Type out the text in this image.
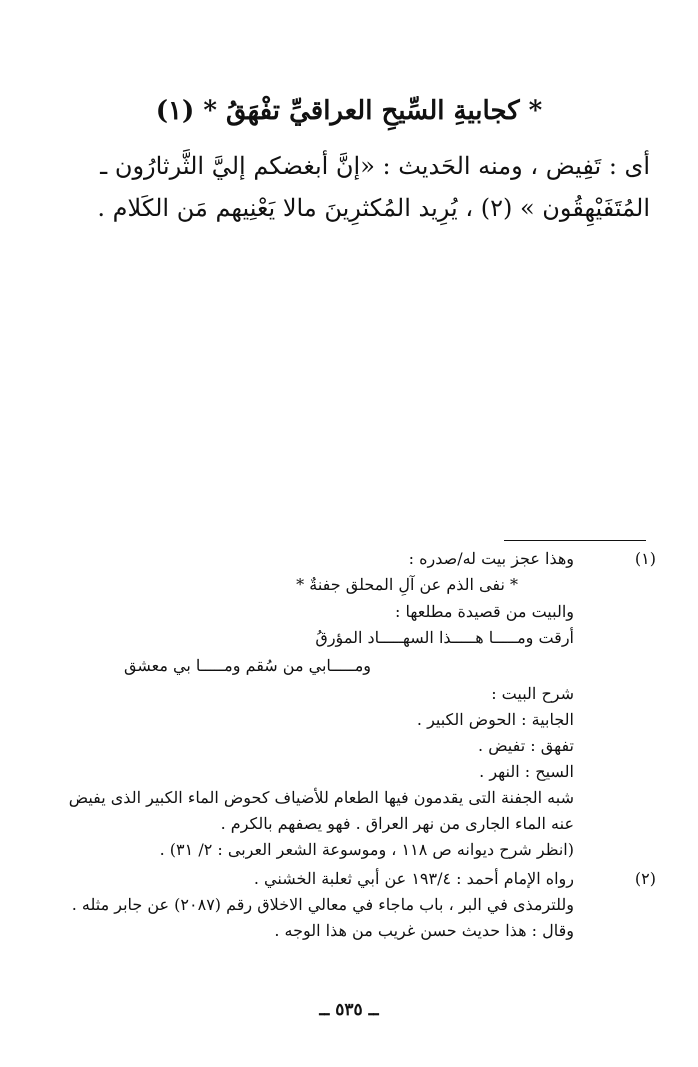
* كجابيةِ السِّيحِ العراقيِّ تفْهَقُ * (١)

أى : تَفِيض ، ومنه الحَديث : «إنَّ أبغضكم إليَّ الثَّرثارُون ـ

المُتَفَيْهِقُون » (٢) ، يُرِيد المُكثرِينَ مالا يَعْنِيهم مَن الكَلام .

(١)

وهذا عجز بيت له/صدره :

* نفى الذم عن آلِ المحلق جفنةٌ *

والبيت من قصيدة مطلعها :

أرقت ومـــــا هـــــذا السهـــــاد المؤرقُ

ومـــــابي من سُقم ومـــــا بي معشق

شرح البيت :

الجابية : الحوض الكبير .

تفهق : تفيض .

السيح : النهر .

شبه الجفنة التى يقدمون فيها الطعام للأضياف كحوض الماء الكبير الذى يفيض

عنه الماء الجارى من نهر العراق . فهو يصفهم بالكرم .

(انظر شرح ديوانه ص ١١٨ ، وموسوعة الشعر العربى : ٢/ ٣١) .

(٢)

رواه الإمام أحمد : ١٩٣/٤ عن أبي ثعلبة الخشني .

وللترمذى في البر ، باب ماجاء في معالي الاخلاق رقم (٢٠٨٧) عن جابر مثله .

وقال : هذا حديث حسن غريب من هذا الوجه .

ــ ٥٣٥ ــ
